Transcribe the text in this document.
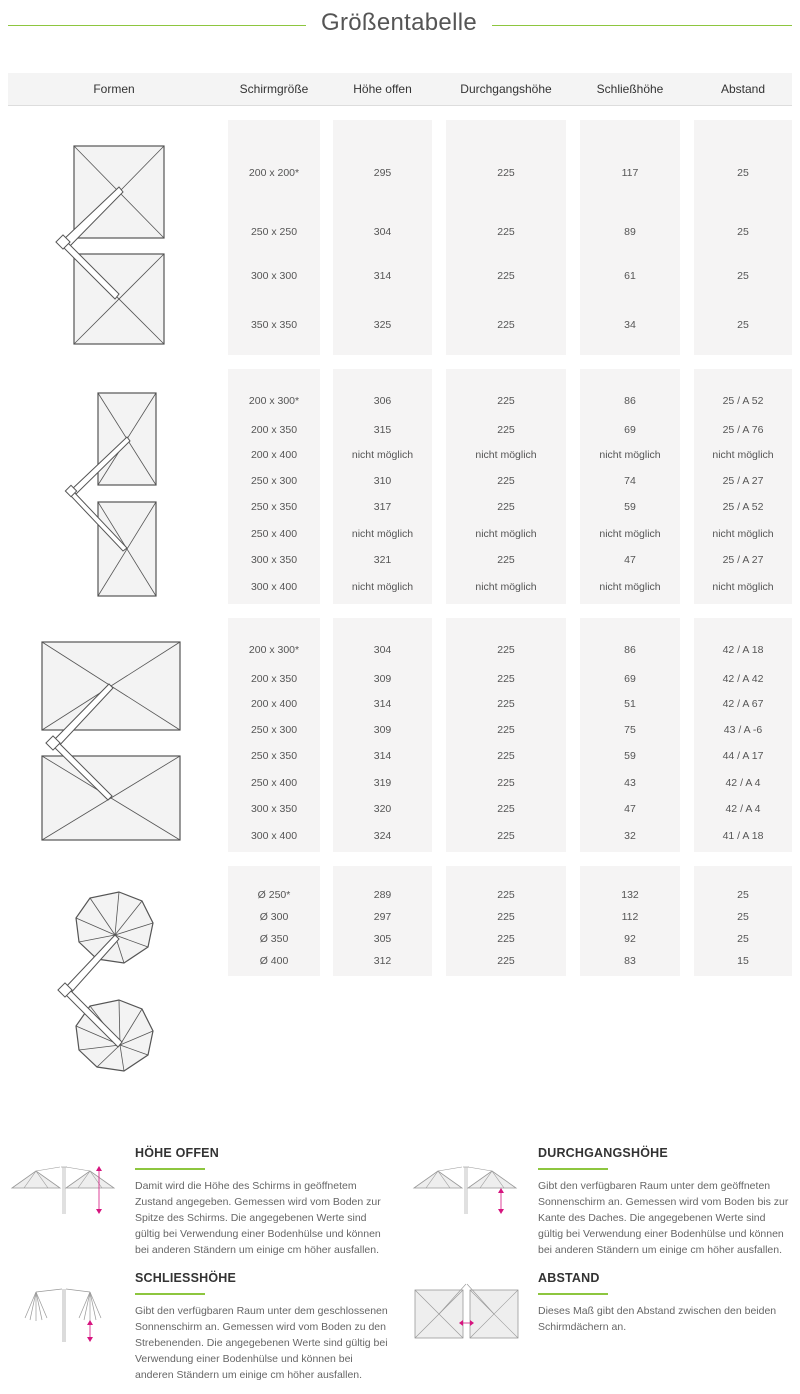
Größentabelle
Formen	Schirmgröße	Höhe offen	Durchgangshöhe	Schließhöhe	Abstand
200 x 200*	295	225	117	25
250 x 250	304	225	89	25
300 x 300	314	225	61	25
350 x 350	325	225	34	25
200 x 300*	306	225	86	25 / A 52
200 x 350	315	225	69	25 / A 76
200 x 400	nicht möglich	nicht möglich	nicht möglich	nicht möglich
250 x 300	310	225	74	25 / A 27
250 x 350	317	225	59	25 / A 52
250 x 400	nicht möglich	nicht möglich	nicht möglich	nicht möglich
300 x 350	321	225	47	25 / A 27
300 x 400	nicht möglich	nicht möglich	nicht möglich	nicht möglich
200 x 300*	304	225	86	42 / A 18
200 x 350	309	225	69	42 / A 42
200 x 400	314	225	51	42 / A 67
250 x 300	309	225	75	43 / A -6
250 x 350	314	225	59	44 / A 17
250 x 400	319	225	43	42 / A 4
300 x 350	320	225	47	42 / A 4
300 x 400	324	225	32	41 / A 18
Ø 250*	289	225	132	25
Ø 300	297	225	112	25
Ø 350	305	225	92	25
Ø 400	312	225	83	15
HÖHE OFFEN
Damit wird die Höhe des Schirms in geöffnetem Zustand angegeben. Gemessen wird vom Boden zur Spitze des Schirms. Die angegebenen Werte sind gültig bei Verwendung einer Bodenhülse und können bei anderen Ständern um einige cm höher ausfallen.
DURCHGANGSHÖHE
Gibt den verfügbaren Raum unter dem geöffneten Sonnenschirm an. Gemessen wird vom Boden bis zur Kante des Daches. Die angegebenen Werte sind gültig bei Verwendung einer Bodenhülse und können bei anderen Ständern um einige cm höher ausfallen.
SCHLIESSHÖHE
Gibt den verfügbaren Raum unter dem geschlossenen Sonnenschirm an. Gemessen wird vom Boden zu den Strebenenden. Die angegebenen Werte sind gültig bei Verwendung einer Bodenhülse und können bei anderen Ständern um einige cm höher ausfallen.
ABSTAND
Dieses Maß gibt den Abstand zwischen den beiden Schirmdächern an.
